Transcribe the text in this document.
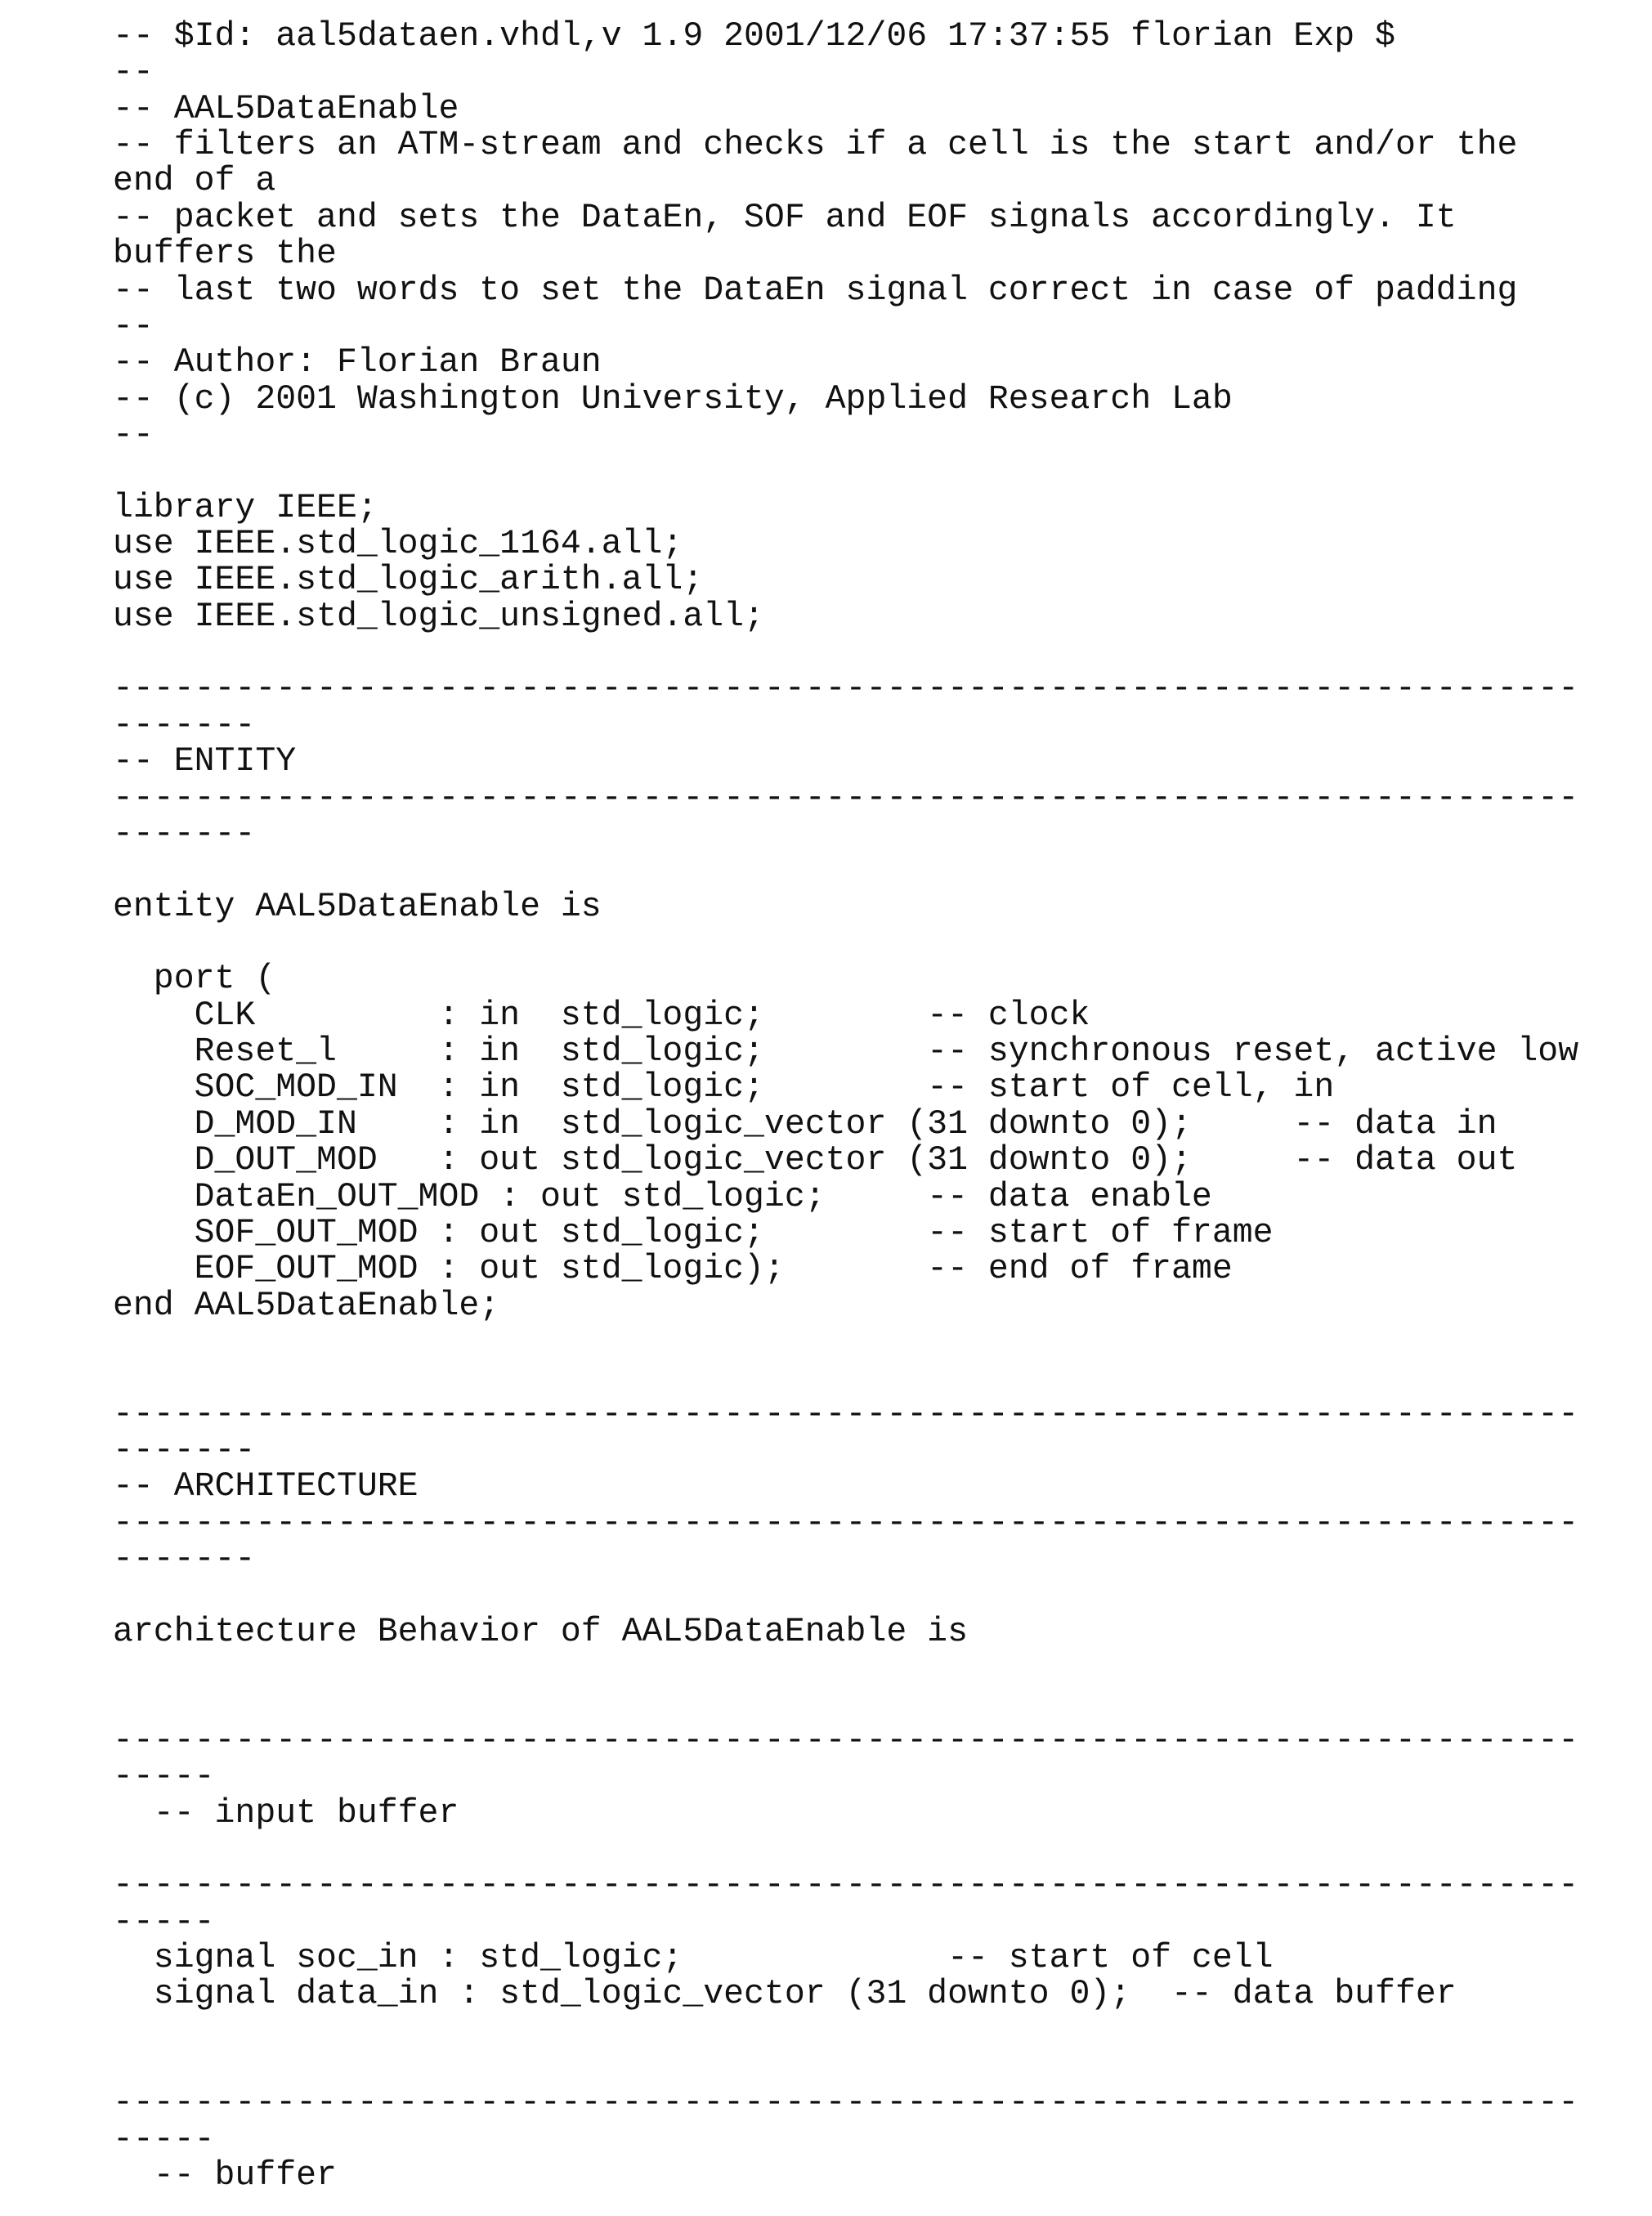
-- $Id: aal5dataen.vhdl,v 1.9 2001/12/06 17:37:55 florian Exp $
--
-- AAL5DataEnable
-- filters an ATM-stream and checks if a cell is the start and/or the
end of a
-- packet and sets the DataEn, SOF and EOF signals accordingly. It
buffers the
-- last two words to set the DataEn signal correct in case of padding
--
-- Author: Florian Braun
-- (c) 2001 Washington University, Applied Research Lab
--
library IEEE;
use IEEE.std_logic_1164.all;
use IEEE.std_logic_arith.all;
use IEEE.std_logic_unsigned.all;
------------------------------------------------------------------------
-------
-- ENTITY
------------------------------------------------------------------------
-------
entity AAL5DataEnable is
port (
CLK         : in  std_logic;        -- clock
Reset_l     : in  std_logic;        -- synchronous reset, active low
SOC_MOD_IN  : in  std_logic;        -- start of cell, in
D_MOD_IN    : in  std_logic_vector (31 downto 0);     -- data in
D_OUT_MOD   : out std_logic_vector (31 downto 0);     -- data out
DataEn_OUT_MOD : out std_logic;     -- data enable
SOF_OUT_MOD : out std_logic;        -- start of frame
EOF_OUT_MOD : out std_logic);       -- end of frame
end AAL5DataEnable;
------------------------------------------------------------------------
-------
-- ARCHITECTURE
------------------------------------------------------------------------
-------
architecture Behavior of AAL5DataEnable is
------------------------------------------------------------------------
-----
-- input buffer
------------------------------------------------------------------------
-----
signal soc_in : std_logic;             -- start of cell
signal data_in : std_logic_vector (31 downto 0);  -- data buffer
------------------------------------------------------------------------
-----
-- buffer
